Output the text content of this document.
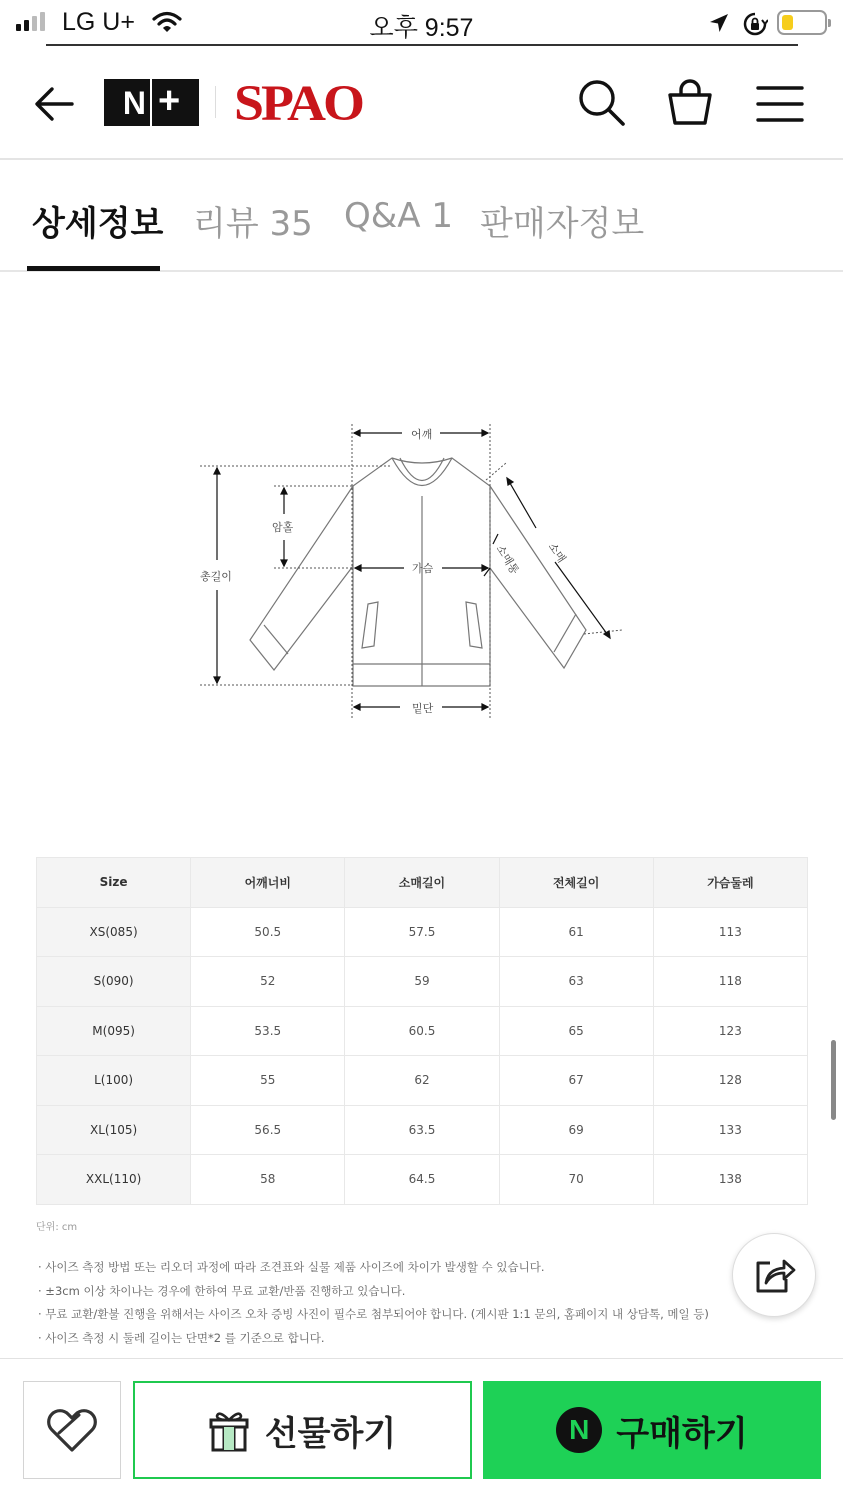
LG U+	오후 9:57
N + SPAO
상세정보 리뷰 35 Q&A 1 판매자정보
어깨
암홀
총길이
가슴	소매통 소매
밑단
Size	어깨너비	소매길이	전체길이	가슴둘레
XS(085)	50.5	57.5	61	113
S(090)	52	59	63	118
M(095)	53.5	60.5	65	123
L(100)	55	62	67	128
XL(105)	56.5	63.5	69	133
XXL(110)	58	64.5	70	138
단위: cm
· 사이즈 측정 방법 또는 리오더 과정에 따라 조견표와 실물 제품 사이즈에 차이가 발생할 수 있습니다.
· ±3cm 이상 차이나는 경우에 한하여 무료 교환/반품 진행하고 있습니다.
· 무료 교환/환불 진행을 위해서는 사이즈 오차 증빙 사진이 필수로 첨부되어야 합니다. (게시판 1:1 문의, 홈페이지 내 상담톡, 메일 등)
· 사이즈 측정 시 둘레 길이는 단면*2 를 기준으로 합니다.
선물하기	N 구매하기
